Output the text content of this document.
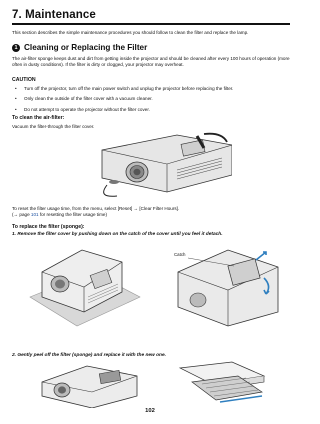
7. Maintenance
This section describes the simple maintenance procedures you should follow to clean the filter and replace the lamp.
1 Cleaning or Replacing the Filter
The air-filter sponge keeps dust and dirt from getting inside the projector and should be cleaned after every 100 hours of operation (more often in dusty conditions). If the filter is dirty or clogged, your projector may overheat.
CAUTION
• Turn off the projector, turn off the main power switch and unplug the projector before replacing the filter.
• Only clean the outside of the filter cover with a vacuum cleaner.
• Do not attempt to operate the projector without the filter cover.
To clean the air-filter:
Vacuum the filter-through the filter cover.
To reset the filter usage time, from the menu, select [Reset] → [Clear Filter Hours].
(→ page 101 for resetting the filter usage time)
To replace the filter (sponge):
1. Remove the filter cover by pushing down on the catch of the cover until you feel it detach.
Catch
2. Gently peel off the filter (sponge) and replace it with the new one.
102
